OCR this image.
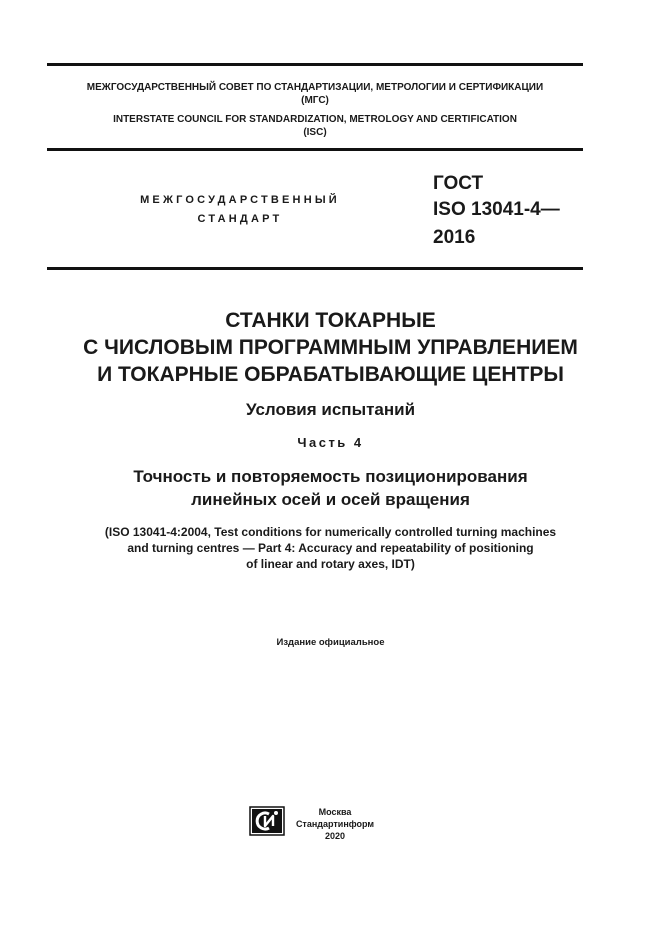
МЕЖГОСУДАРСТВЕННЫЙ СОВЕТ ПО СТАНДАРТИЗАЦИИ, МЕТРОЛОГИИ И СЕРТИФИКАЦИИ
(МГС)
INTERSTATE COUNCIL FOR STANDARDIZATION, METROLOGY AND CERTIFICATION
(ISC)
МЕЖГОСУДАРСТВЕННЫЙ
СТАНДАРТ
ГОСТ
ISO 13041-4—
2016
СТАНКИ ТОКАРНЫЕ
С ЧИСЛОВЫМ ПРОГРАММНЫМ УПРАВЛЕНИЕМ
И ТОКАРНЫЕ ОБРАБАТЫВАЮЩИЕ ЦЕНТРЫ
Условия испытаний
Часть 4
Точность и повторяемость позиционирования
линейных осей и осей вращения
(ISO 13041-4:2004, Test conditions for numerically controlled turning machines
and turning centres — Part 4: Accuracy and repeatability of positioning
of linear and rotary axes, IDT)
Издание официальное
Москва
Стандартинформ
2020
